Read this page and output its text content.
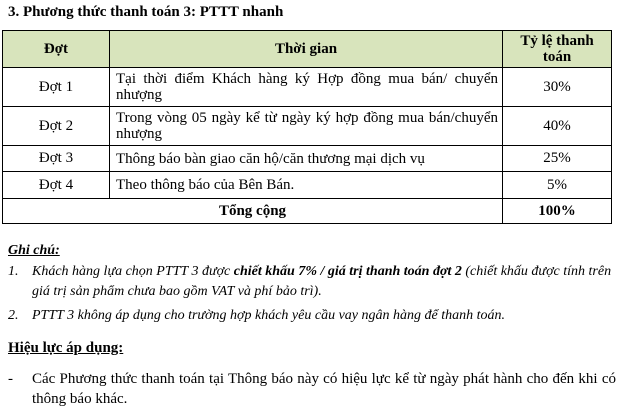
3. Phương thức thanh toán 3: PTTT nhanh
Đợt	Thời gian	Tỷ lệ thanh toán
Đợt 1	Tại thời điểm Khách hàng ký Hợp đồng mua bán/ chuyển nhượng	30%
Đợt 2	Trong vòng 05 ngày kể từ ngày ký hợp đồng mua bán/chuyển nhượng	40%
Đợt 3	Thông báo bàn giao căn hộ/căn thương mại dịch vụ	25%
Đợt 4	Theo thông báo của Bên Bán.	5%
Tổng cộng		100%
Ghi chú:
1. Khách hàng lựa chọn PTTT 3 được chiết khấu 7% / giá trị thanh toán đợt 2 (chiết khấu được tính trên giá trị sản phẩm chưa bao gồm VAT và phí bảo trì).
2. PTTT 3 không áp dụng cho trường hợp khách yêu cầu vay ngân hàng để thanh toán.
Hiệu lực áp dụng:
- Các Phương thức thanh toán tại Thông báo này có hiệu lực kể từ ngày phát hành cho đến khi có thông báo khác.
